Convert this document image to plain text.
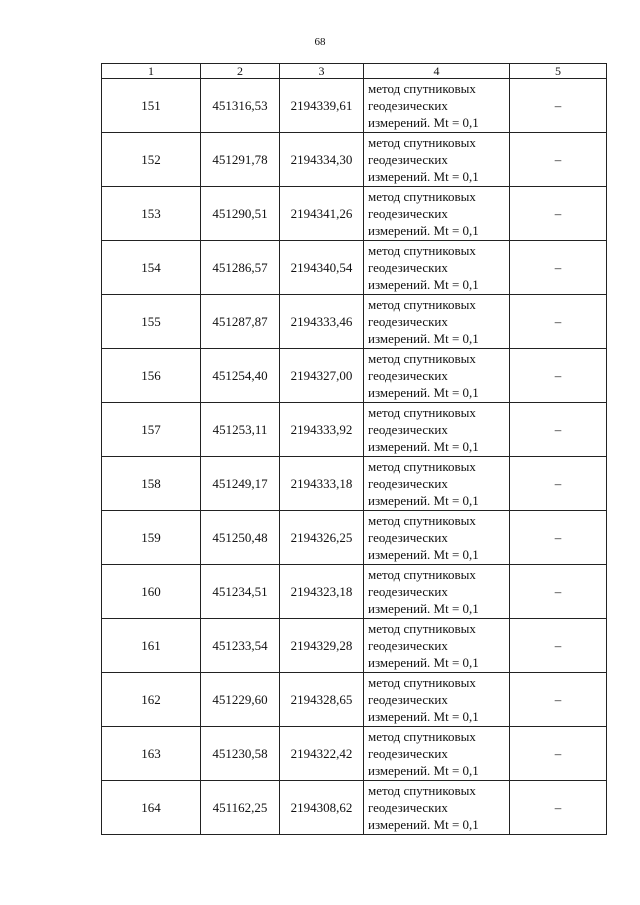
68
1	2	3	4	5
151	451316,53	2194339,61	метод спутниковых
геодезических
измерений. Mt = 0,1	–
152	451291,78	2194334,30	метод спутниковых
геодезических
измерений. Mt = 0,1	–
153	451290,51	2194341,26	метод спутниковых
геодезических
измерений. Mt = 0,1	–
154	451286,57	2194340,54	метод спутниковых
геодезических
измерений. Mt = 0,1	–
155	451287,87	2194333,46	метод спутниковых
геодезических
измерений. Mt = 0,1	–
156	451254,40	2194327,00	метод спутниковых
геодезических
измерений. Mt = 0,1	–
157	451253,11	2194333,92	метод спутниковых
геодезических
измерений. Mt = 0,1	–
158	451249,17	2194333,18	метод спутниковых
геодезических
измерений. Mt = 0,1	–
159	451250,48	2194326,25	метод спутниковых
геодезических
измерений. Mt = 0,1	–
160	451234,51	2194323,18	метод спутниковых
геодезических
измерений. Mt = 0,1	–
161	451233,54	2194329,28	метод спутниковых
геодезических
измерений. Mt = 0,1	–
162	451229,60	2194328,65	метод спутниковых
геодезических
измерений. Mt = 0,1	–
163	451230,58	2194322,42	метод спутниковых
геодезических
измерений. Mt = 0,1	–
164	451162,25	2194308,62	метод спутниковых
геодезических
измерений. Mt = 0,1	–
